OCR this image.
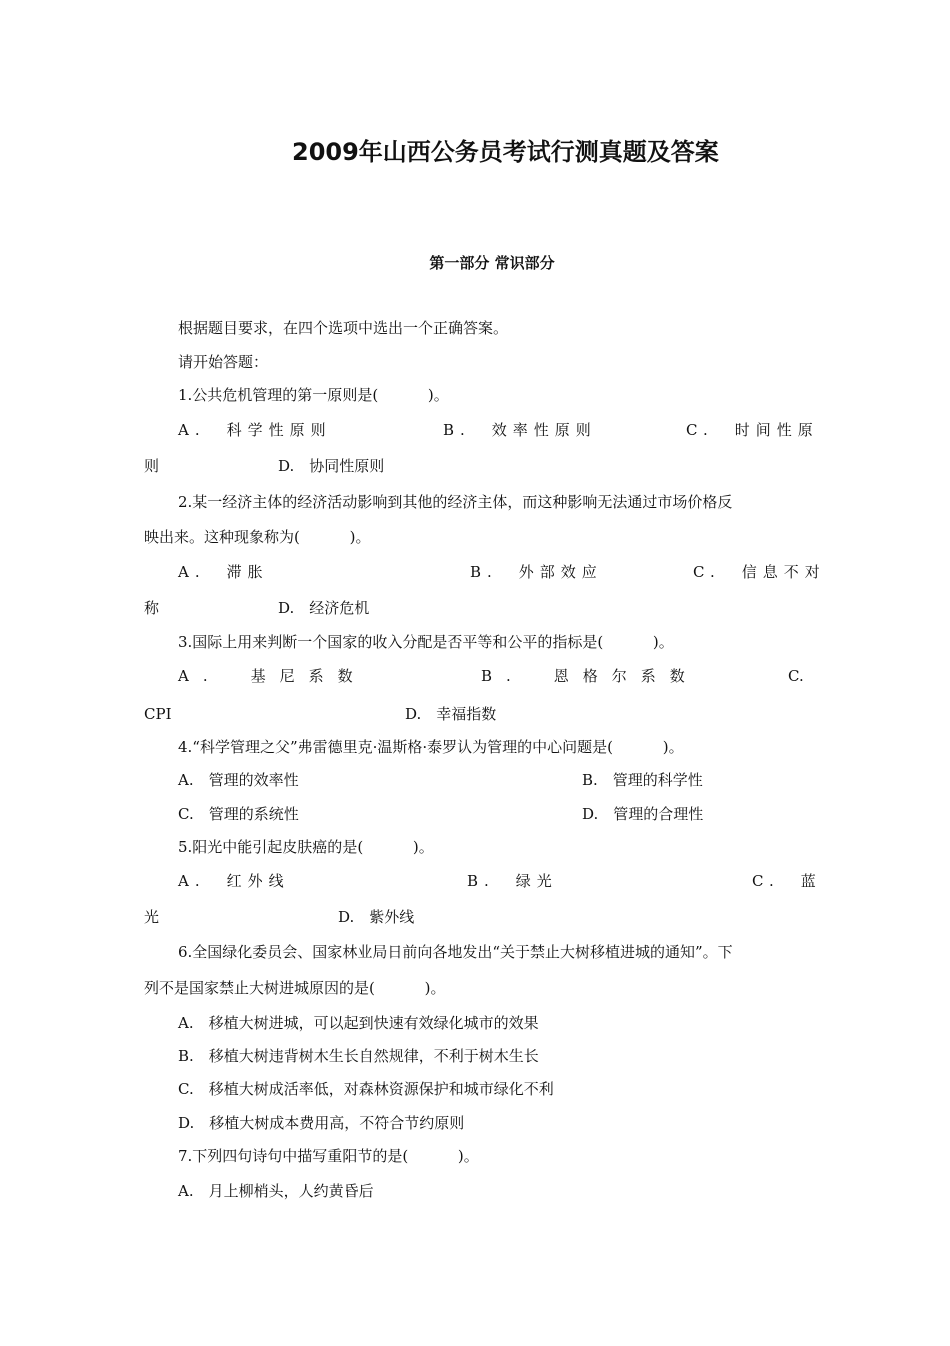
2009年山西公务员考试行测真题及答案
第一部分 常识部分
根据题目要求，在四个选项中选出一个正确答案。
请开始答题：
1.公共危机管理的第一原则是(　　　 )。
A.　科学性原则	B.　效率性原则	C.　时间性原
则	D.　协同性原则
2.某一经济主体的经济活动影响到其他的经济主体，而这种影响无法通过市场价格反
映出来。这种现象称为(　　　 )。
A.　滞胀	B.　外部效应	C.　信息不对
称	D.　经济危机
3.国际上用来判断一个国家的收入分配是否平等和公平的指标是(　　　 )。
A.　基尼系数	B.　恩格尔系数	C.
CPI	D.　幸福指数
4.“科学管理之父”弗雷德里克·温斯格·泰罗认为管理的中心问题是(　　　 )。
A.　管理的效率性	B.　管理的科学性
C.　管理的系统性	D.　管理的合理性
5.阳光中能引起皮肤癌的是(　　　 )。
A.　红外线	B.　绿光	C.　蓝
光	D.　紫外线
6.全国绿化委员会、国家林业局日前向各地发出“关于禁止大树移植进城的通知”。下
列不是国家禁止大树进城原因的是(　　　 )。
A.　移植大树进城，可以起到快速有效绿化城市的效果
B.　移植大树违背树木生长自然规律，不利于树木生长
C.　移植大树成活率低，对森林资源保护和城市绿化不利
D.　移植大树成本费用高，不符合节约原则
7.下列四句诗句中描写重阳节的是(　　　 )。
A.　月上柳梢头，人约黄昏后
